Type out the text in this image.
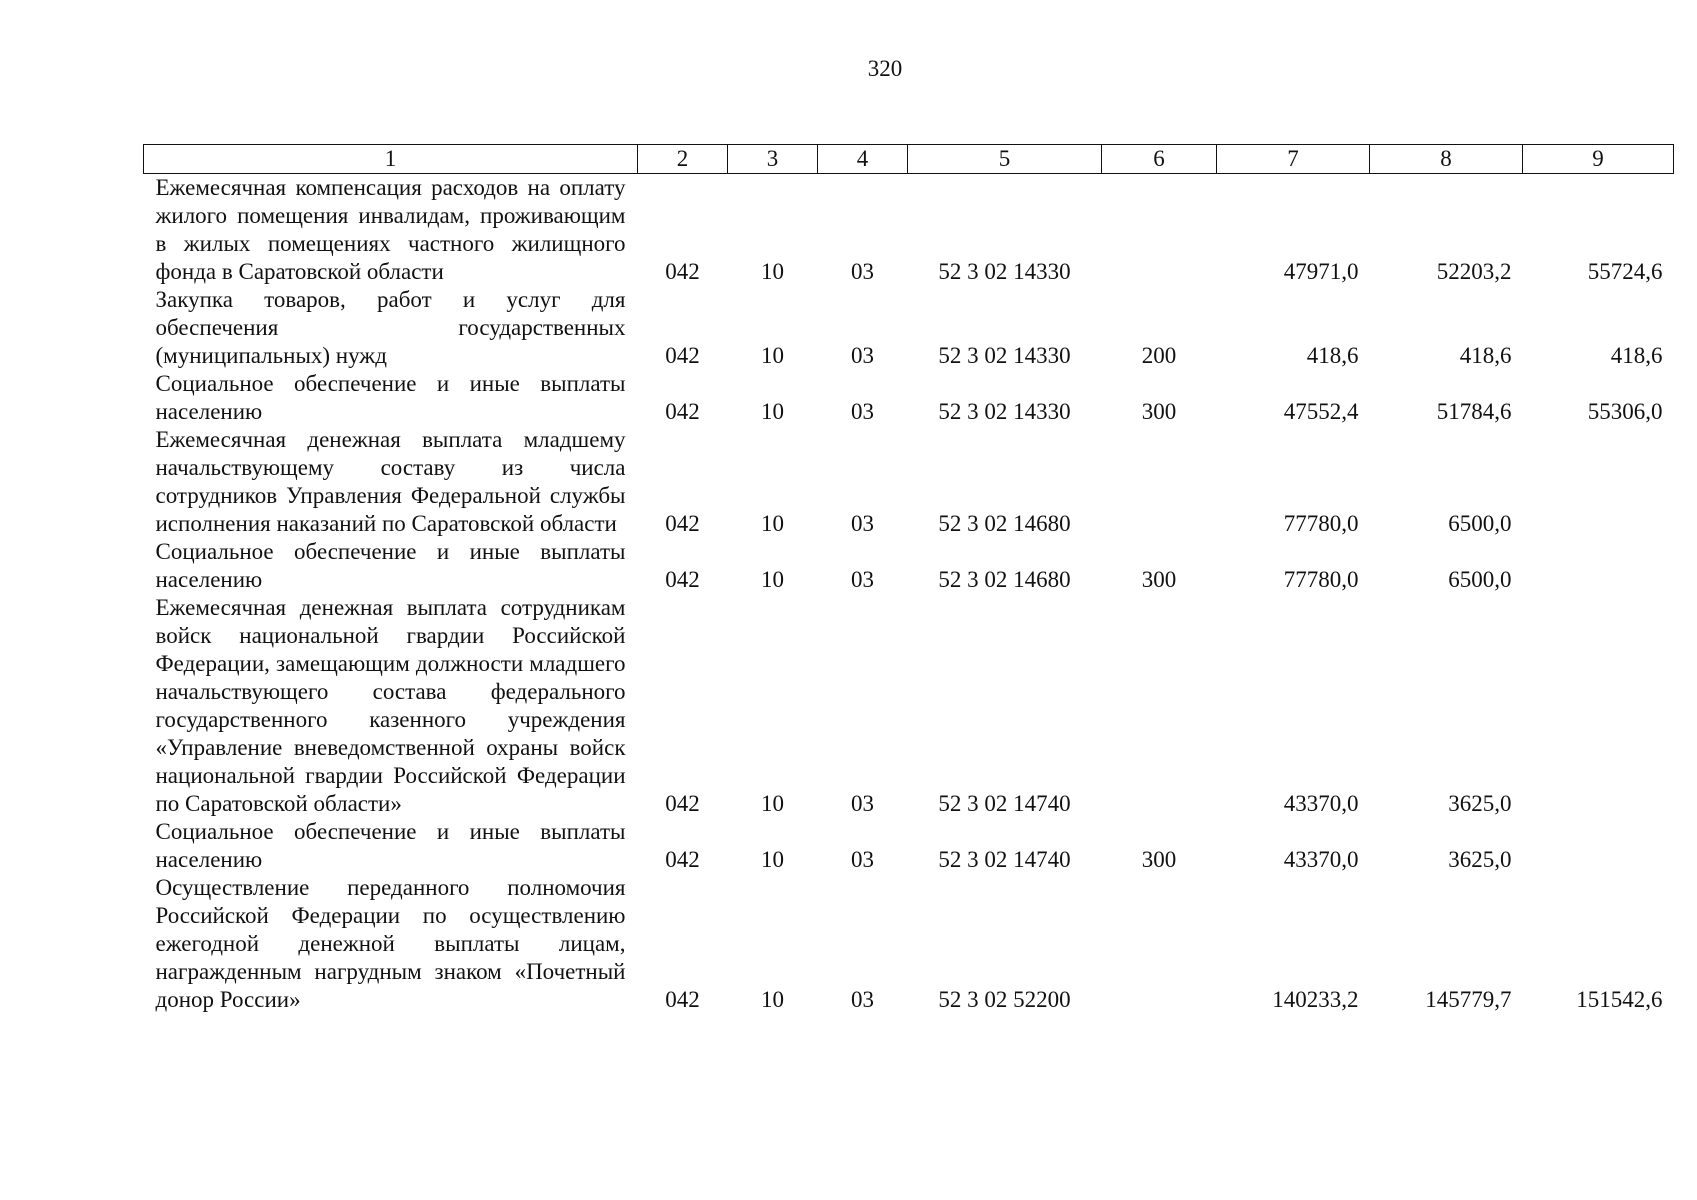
320
1	2	3	4	5	6	7	8	9
Ежемесячная компенсация расходов на оплату жилого помещения инвалидам, проживающим в жилых помещениях частного жилищного фонда в Саратовской области	042	10	03	52 3 02 14330		47971,0	52203,2	55724,6
Закупка товаров, работ и услуг для обеспечения государственных (муниципальных) нужд	042	10	03	52 3 02 14330	200	418,6	418,6	418,6
Социальное обеспечение и иные выплаты населению	042	10	03	52 3 02 14330	300	47552,4	51784,6	55306,0
Ежемесячная денежная выплата младшему начальствующему составу из числа сотрудников Управления Федеральной службы исполнения наказаний по Саратовской области	042	10	03	52 3 02 14680		77780,0	6500,0	
Социальное обеспечение и иные выплаты населению	042	10	03	52 3 02 14680	300	77780,0	6500,0	
Ежемесячная денежная выплата сотрудникам войск национальной гвардии Российской Федерации, замещающим должности младшего начальствующего состава федерального государственного казенного учреждения «Управление вневедомственной охраны войск национальной гвардии Российской Федерации по Саратовской области»	042	10	03	52 3 02 14740		43370,0	3625,0	
Социальное обеспечение и иные выплаты населению	042	10	03	52 3 02 14740	300	43370,0	3625,0	
Осуществление переданного полномочия Российской Федерации по осуществлению ежегодной денежной выплаты лицам, награжденным нагрудным знаком «Почетный донор России»	042	10	03	52 3 02 52200		140233,2	145779,7	151542,6
